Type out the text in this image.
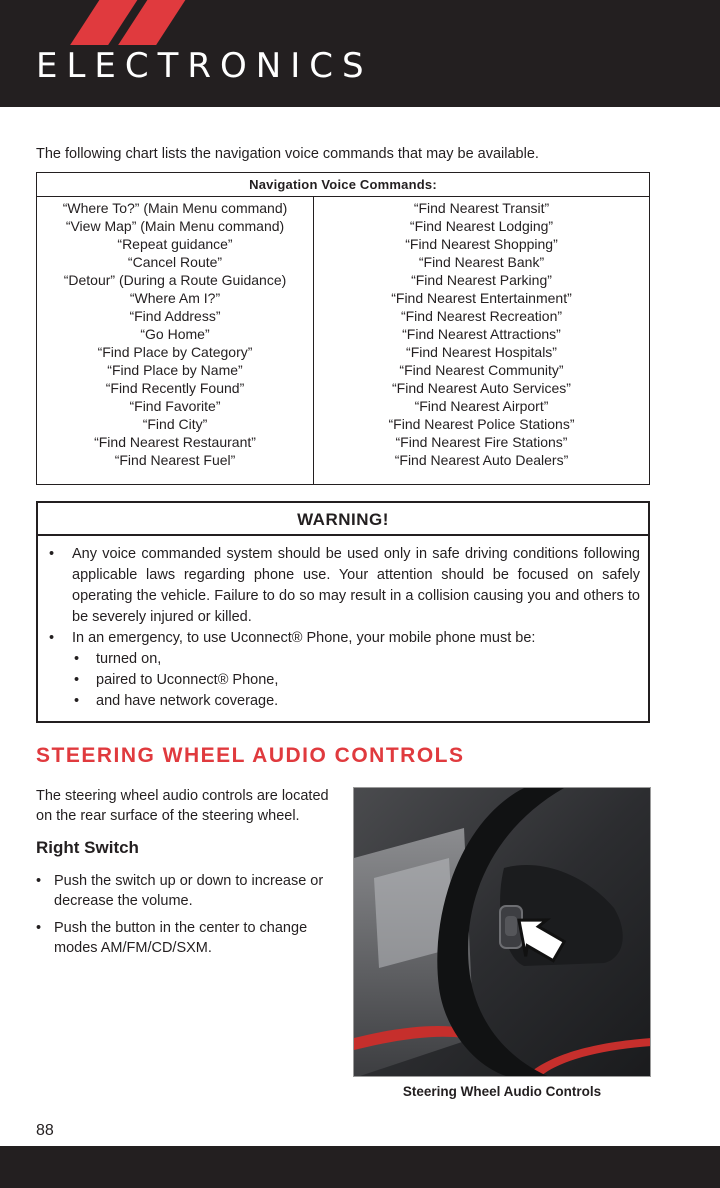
ELECTRONICS
The following chart lists the navigation voice commands that may be available.
Navigation Voice Commands:
“Where To?” (Main Menu command)
“View Map” (Main Menu command)
“Repeat guidance”
“Cancel Route”
“Detour” (During a Route Guidance)
“Where Am I?”
“Find Address”
“Go Home”
“Find Place by Category”
“Find Place by Name”
“Find Recently Found”
“Find Favorite”
“Find City”
“Find Nearest Restaurant”
“Find Nearest Fuel”
“Find Nearest Transit”
“Find Nearest Lodging”
“Find Nearest Shopping”
“Find Nearest Bank”
“Find Nearest Parking”
“Find Nearest Entertainment”
“Find Nearest Recreation”
“Find Nearest Attractions”
“Find Nearest Hospitals”
“Find Nearest Community”
“Find Nearest Auto Services”
“Find Nearest Airport”
“Find Nearest Police Stations”
“Find Nearest Fire Stations”
“Find Nearest Auto Dealers”
WARNING!
• Any voice commanded system should be used only in safe driving conditions following applicable laws regarding phone use. Your attention should be focused on safely operating the vehicle. Failure to do so may result in a collision causing you and others to be severely injured or killed.
• In an emergency, to use Uconnect® Phone, your mobile phone must be:
• turned on,
• paired to Uconnect® Phone,
• and have network coverage.
STEERING WHEEL AUDIO CONTROLS
The steering wheel audio controls are located on the rear surface of the steering wheel.
Right Switch
• Push the switch up or down to increase or decrease the volume.
• Push the button in the center to change modes AM/FM/CD/SXM.
Steering Wheel Audio Controls
88
